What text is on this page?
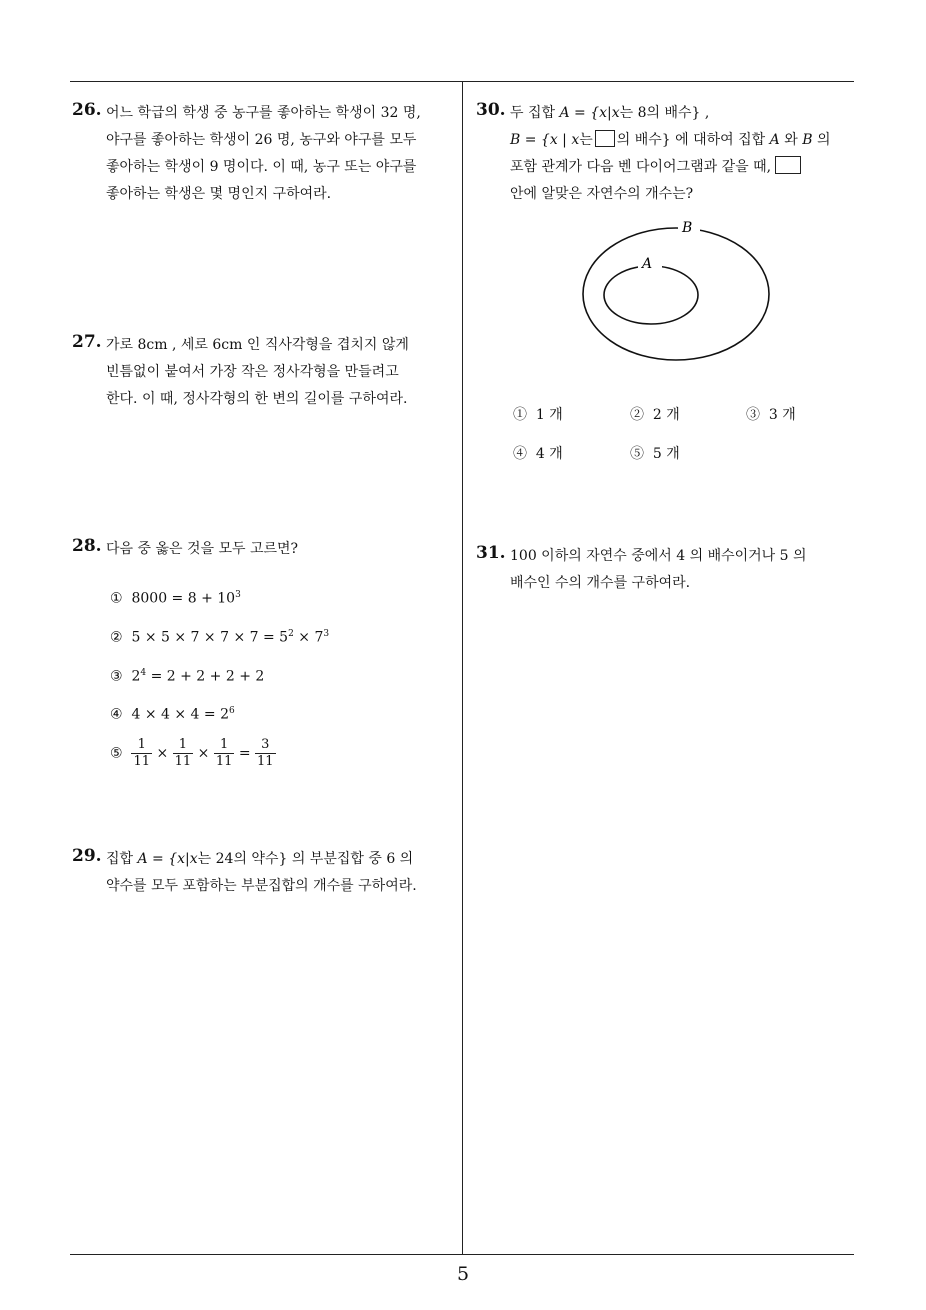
26. 어느 학급의 학생 중 농구를 좋아하는 학생이 32 명,
야구를 좋아하는 학생이 26 명, 농구와 야구를 모두
좋아하는 학생이 9 명이다. 이 때, 농구 또는 야구를
좋아하는 학생은 몇 명인지 구하여라.
27. 가로 8cm , 세로 6cm 인 직사각형을 겹치지 않게
빈틈없이 붙여서 가장 작은 정사각형을 만들려고
한다. 이 때, 정사각형의 한 변의 길이를 구하여라.
28. 다음 중 옳은 것을 모두 고르면?
① $8000 = 8 + 10^3$
② $5 \times 5 \times 7 \times 7 \times 7 = 5^2 \times 7^3$
③ $2^4 = 2 + 2 + 2 + 2$
④ $4 \times 4 \times 4 = 2^6$
⑤ $\frac{1}{11} \times \frac{1}{11} \times \frac{1}{11} = \frac{3}{11}$
29. 집합 A = {x|x는 24의 약수} 의 부분집합 중 6 의
약수를 모두 포함하는 부분집합의 개수를 구하여라.
30. 두 집합 A = {x|x는 8의 배수} ,
B = {x | x는 의 배수} 에 대하여 집합 A 와 B 의
포함 관계가 다음 벤 다이어그램과 같을 때,
안에 알맞은 자연수의 개수는?
B
A
① 1 개	② 2 개	③ 3 개
④ 4 개	⑤ 5 개
31. 100 이하의 자연수 중에서 4 의 배수이거나 5 의
배수인 수의 개수를 구하여라.
5
